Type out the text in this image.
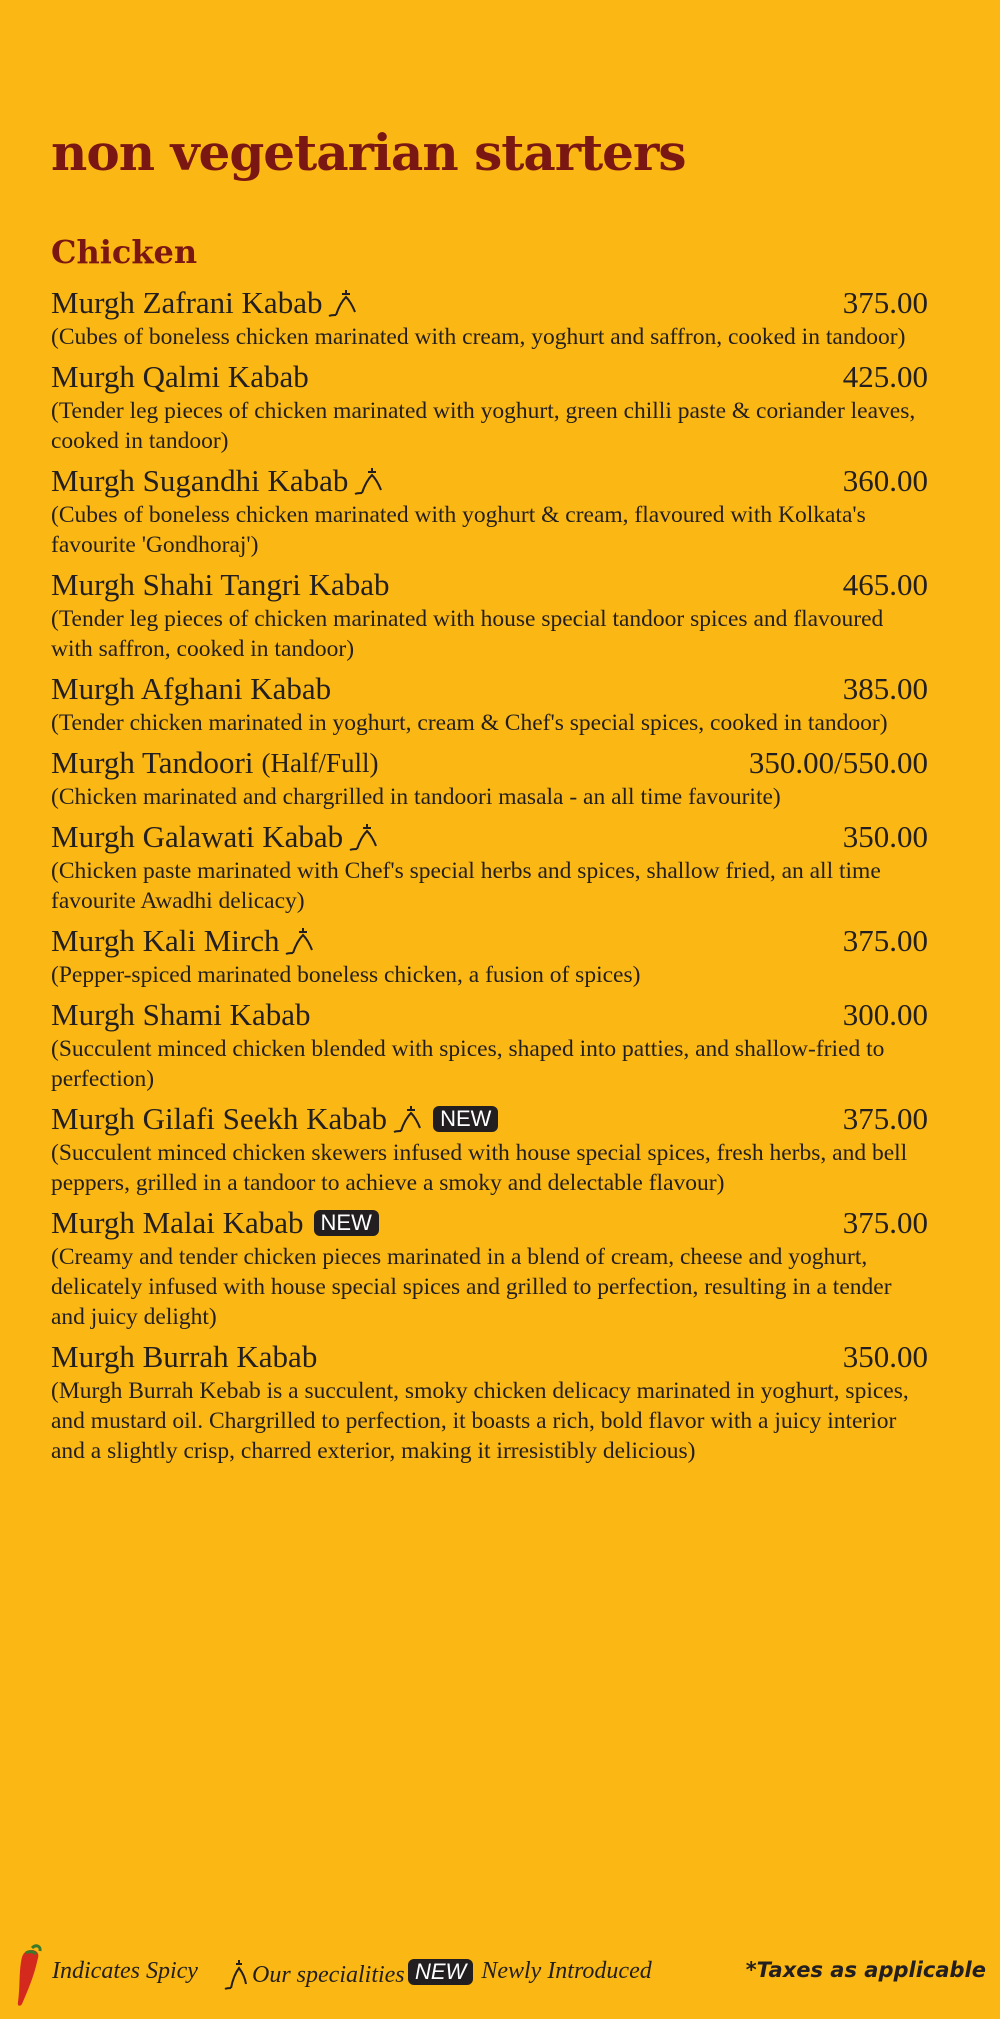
non vegetarian starters
Chicken
Murgh Zafrani Kabab	375.00

(Cubes of boneless chicken marinated with cream, yoghurt and saffron, cooked in tandoor)

Murgh Qalmi Kabab	425.00

(Tender leg pieces of chicken marinated with yoghurt, green chilli paste & coriander leaves, cooked in tandoor)

Murgh Sugandhi Kabab	360.00

(Cubes of boneless chicken marinated with yoghurt & cream, flavoured with Kolkata's favourite 'Gondhoraj')

Murgh Shahi Tangri Kabab	465.00

(Tender leg pieces of chicken marinated with house special tandoor spices and flavoured with saffron, cooked in tandoor)

Murgh Afghani Kabab	385.00

(Tender chicken marinated in yoghurt, cream & Chef's special spices, cooked in tandoor)

Murgh Tandoori (Half/Full)	350.00/550.00

(Chicken marinated and chargrilled in tandoori masala - an all time favourite)

Murgh Galawati Kabab	350.00

(Chicken paste marinated with Chef's special herbs and spices, shallow fried, an all time favourite Awadhi delicacy)

Murgh Kali Mirch	375.00

(Pepper-spiced marinated boneless chicken, a fusion of spices)

Murgh Shami Kabab	300.00

(Succulent minced chicken blended with spices, shaped into patties, and shallow-fried to perfection)

Murgh Gilafi Seekh Kabab	NEW	375.00

(Succulent minced chicken skewers infused with house special spices, fresh herbs, and bell peppers, grilled in a tandoor to achieve a smoky and delectable flavour)

Murgh Malai Kabab NEW	375.00

(Creamy and tender chicken pieces marinated in a blend of cream, cheese and yoghurt, delicately infused with house special spices and grilled to perfection, resulting in a tender and juicy delight)

Murgh Burrah Kabab	350.00

(Murgh Burrah Kebab is a succulent, smoky chicken delicacy marinated in yoghurt, spices, and mustard oil. Chargrilled to perfection, it boasts a rich, bold flavor with a juicy interior and a slightly crisp, charred exterior, making it irresistibly delicious)

Indicates Spicy Our specialities NEW Newly Introduced	*Taxes as applicable
